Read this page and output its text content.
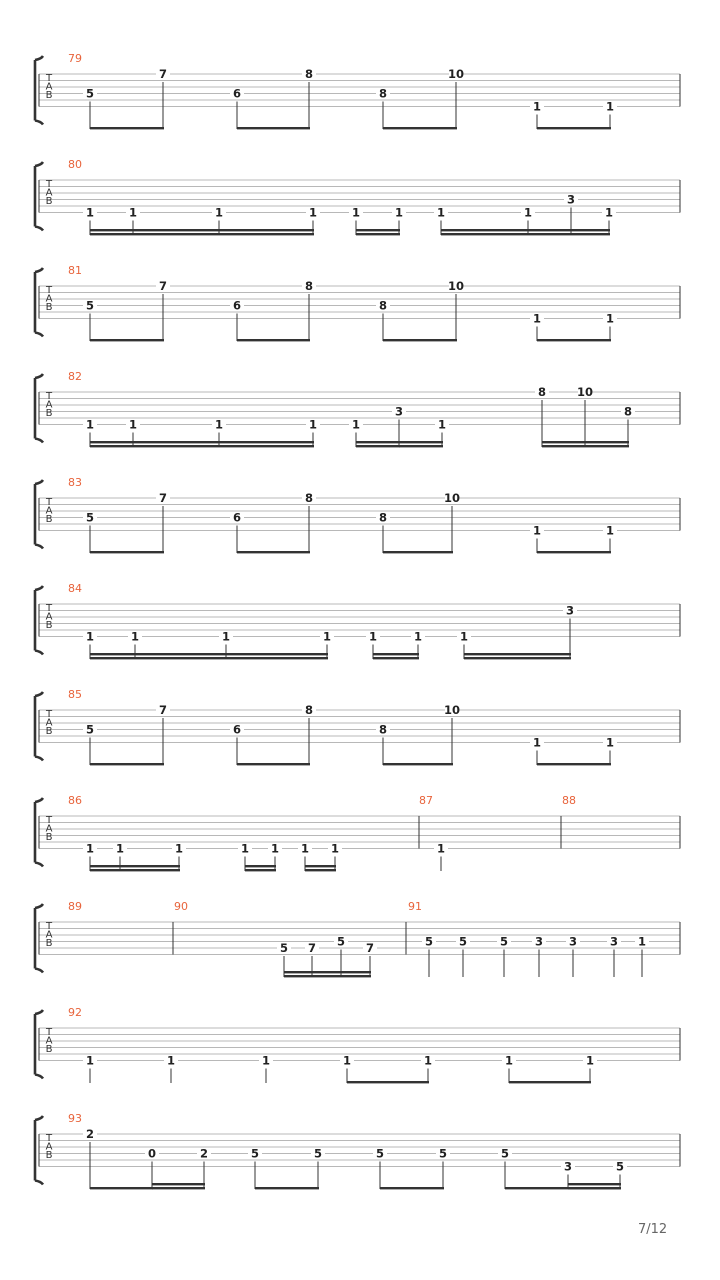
T
A
B
79
5
7
6
8
8
10
1	1
T
A
B
80
1	1	1	1	1	1	1	1
3
1
T
A
B
81
5
7
6
8
8
10
1	1
T
A
B
82
1	1	1	1	1
3
1
8	10
8
T
A
B
83
5
7
6
8
8
10
1	1
T
A
B
84
1	1	1	1	1	1	1
3
T
A
B
85
5
7
6
8
8
10
1	1
T
A
B
86	87	88
1 1	1	1 1 1 1	1
T
A
B
89	90	91
5 7 5 7	5 5	5 3 3	3 1
T
A
B
92
1	1	1	1	1	1	1
T
A
B
93
2
0	2	5	5	5	5	5
3	5
7/12
